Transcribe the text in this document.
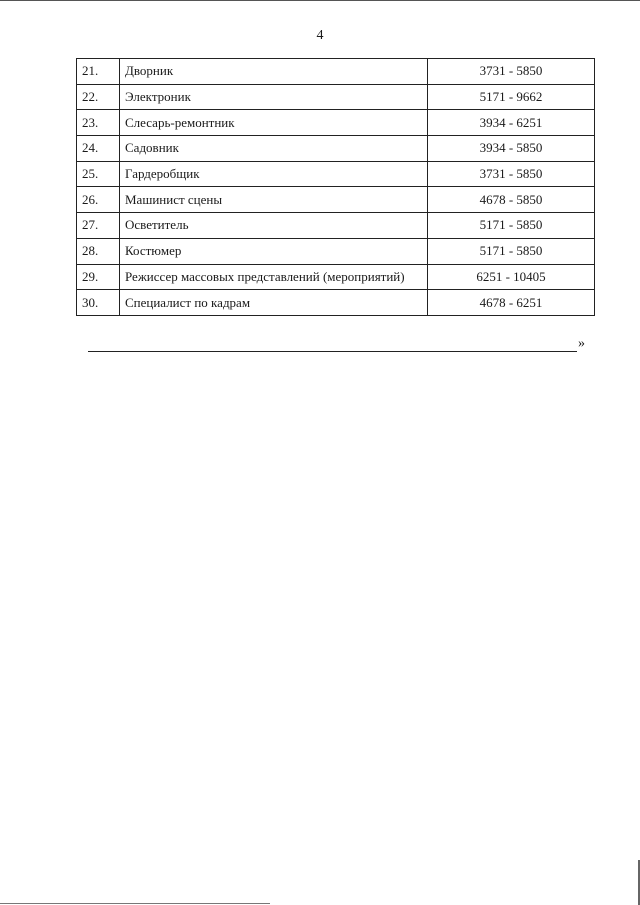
4
21.	Дворник	3731 - 5850
22.	Электроник	5171 - 9662
23.	Слесарь-ремонтник	3934 - 6251
24.	Садовник	3934 - 5850
25.	Гардеробщик	3731 - 5850
26.	Машинист сцены	4678 - 5850
27.	Осветитель	5171 - 5850
28.	Костюмер	5171 - 5850
29.	Режиссер массовых представлений (мероприятий)	6251 - 10405
30.	Специалист по кадрам	4678 - 6251
»
